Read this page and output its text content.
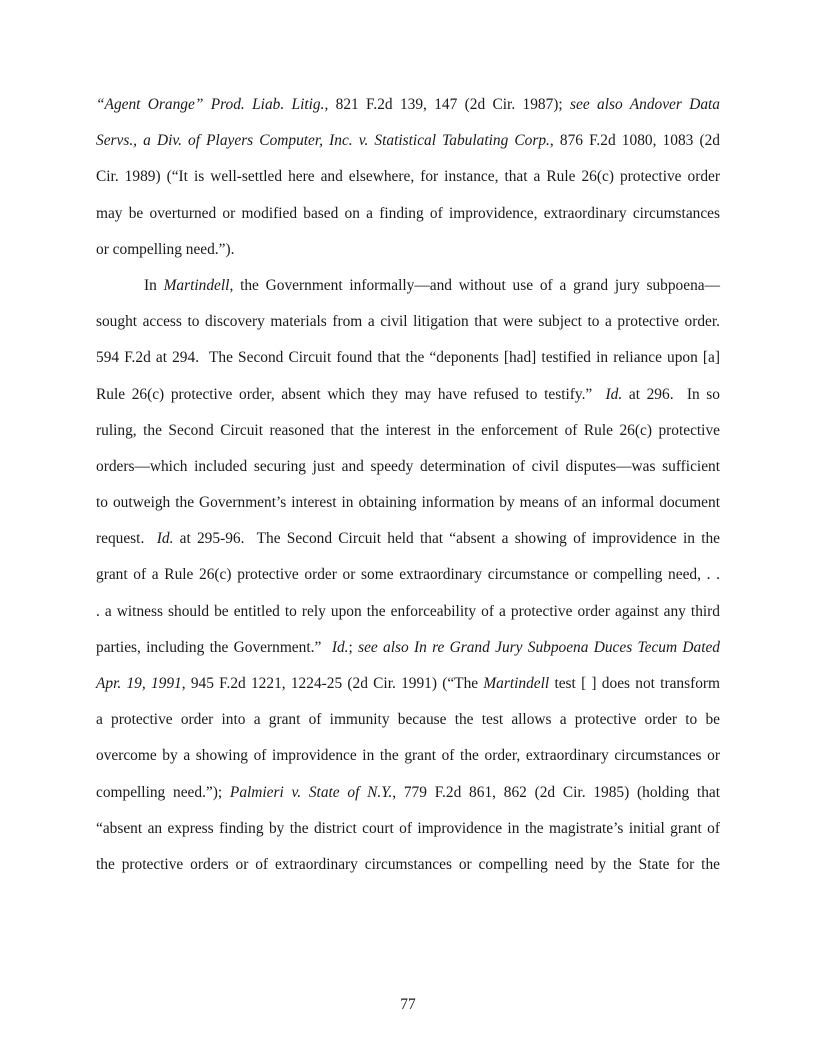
“Agent Orange” Prod. Liab. Litig., 821 F.2d 139, 147 (2d Cir. 1987); see also Andover Data
Servs., a Div. of Players Computer, Inc. v. Statistical Tabulating Corp., 876 F.2d 1080, 1083 (2d
Cir. 1989) (“It is well-settled here and elsewhere, for instance, that a Rule 26(c) protective order
may be overturned or modified based on a finding of improvidence, extraordinary circumstances
or compelling need.”).
In Martindell, the Government informally—and without use of a grand jury subpoena—
sought access to discovery materials from a civil litigation that were subject to a protective order.
594 F.2d at 294.  The Second Circuit found that the “deponents [had] testified in reliance upon [a]
Rule 26(c) protective order, absent which they may have refused to testify.”  Id. at 296.  In so
ruling, the Second Circuit reasoned that the interest in the enforcement of Rule 26(c) protective
orders—which included securing just and speedy determination of civil disputes—was sufficient
to outweigh the Government’s interest in obtaining information by means of an informal document
request.  Id. at 295-96.  The Second Circuit held that “absent a showing of improvidence in the
grant of a Rule 26(c) protective order or some extraordinary circumstance or compelling need, . .
. a witness should be entitled to rely upon the enforceability of a protective order against any third
parties, including the Government.”  Id.; see also In re Grand Jury Subpoena Duces Tecum Dated
Apr. 19, 1991, 945 F.2d 1221, 1224-25 (2d Cir. 1991) (“The Martindell test [ ] does not transform
a protective order into a grant of immunity because the test allows a protective order to be
overcome by a showing of improvidence in the grant of the order, extraordinary circumstances or
compelling need.”); Palmieri v. State of N.Y., 779 F.2d 861, 862 (2d Cir. 1985) (holding that
“absent an express finding by the district court of improvidence in the magistrate’s initial grant of
the protective orders or of extraordinary circumstances or compelling need by the State for the
77
